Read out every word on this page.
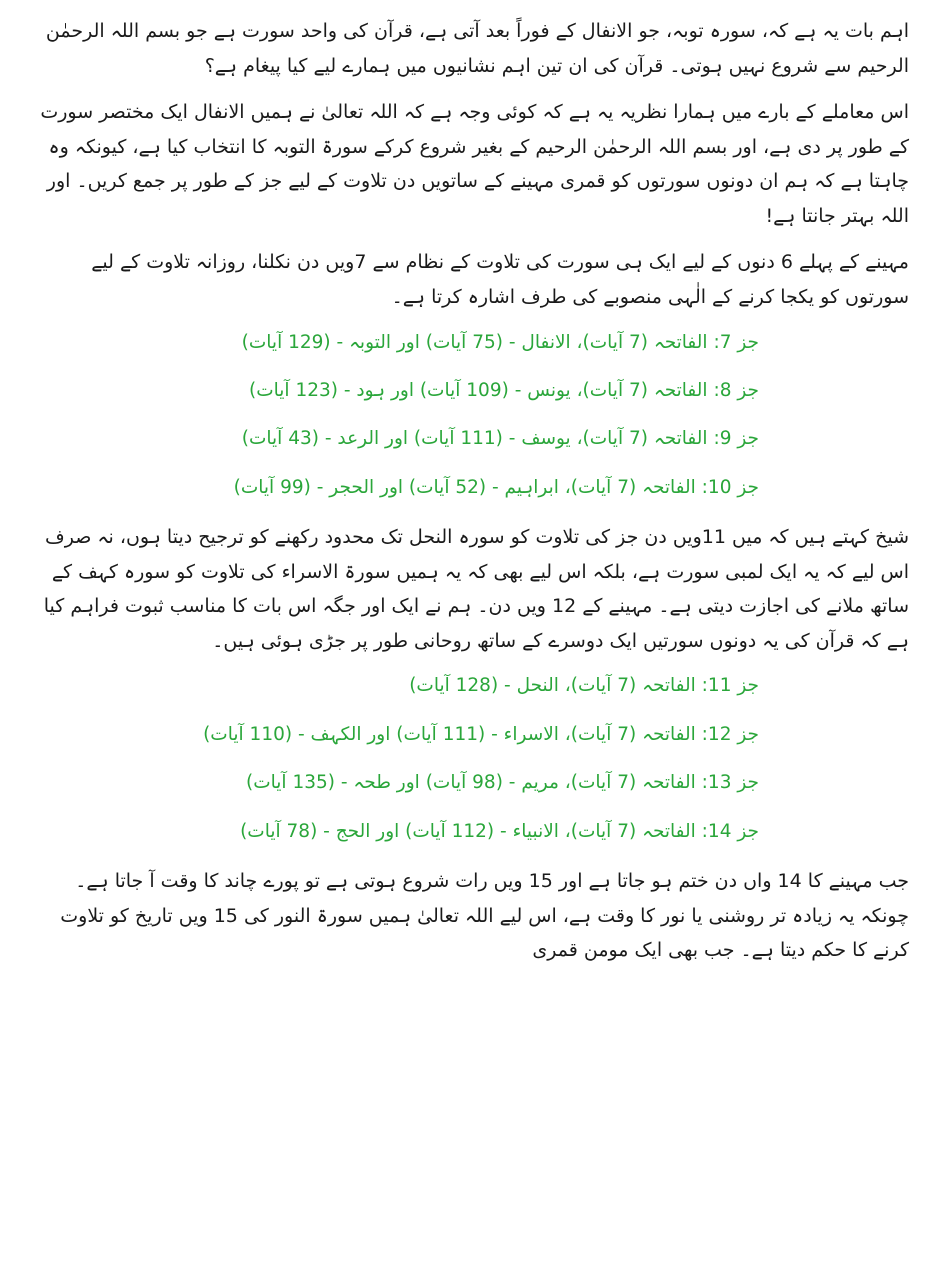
اہم بات یہ ہے کہ، سورہ توبہ، جو الانفال کے فوراً بعد آتی ہے، قرآن کی واحد سورت ہے جو بسم اللہ الرحمٰن الرحیم سے شروع نہیں ہوتی۔ قرآن کی ان تین اہم نشانیوں میں ہمارے لیے کیا پیغام ہے؟

اس معاملے کے بارے میں ہمارا نظریہ یہ ہے کہ کوئی وجہ ہے کہ اللہ تعالیٰ نے ہمیں الانفال ایک مختصر سورت کے طور پر دی ہے، اور بسم اللہ الرحمٰن الرحیم کے بغیر شروع کرکے سورۃ التوبہ کا انتخاب کیا ہے، کیونکہ وہ چاہتا ہے کہ ہم ان دونوں سورتوں کو قمری مہینے کے ساتویں دن تلاوت کے لیے جز کے طور پر جمع کریں۔ اور اللہ بہتر جانتا ہے!

مہینے کے پہلے 6 دنوں کے لیے ایک ہی سورت کی تلاوت کے نظام سے 7ویں دن نکلنا، روزانہ تلاوت کے لیے سورتوں کو یکجا کرنے کے الٰہی منصوبے کی طرف اشارہ کرتا ہے۔

جز 7: الفاتحہ (7 آیات)، الانفال - (75 آیات) اور التوبہ - (129 آیات)
جز 8: الفاتحہ (7 آیات)، یونس - (109 آیات) اور ہود - (123 آیات)
جز 9: الفاتحہ (7 آیات)، یوسف - (111 آیات) اور الرعد - (43 آیات)
جز 10: الفاتحہ (7 آیات)، ابراہیم - (52 آیات) اور الحجر - (99 آیات)

شیخ کہتے ہیں کہ میں 11ویں دن جز کی تلاوت کو سورہ النحل تک محدود رکھنے کو ترجیح دیتا ہوں، نہ صرف اس لیے کہ یہ ایک لمبی سورت ہے، بلکہ اس لیے بھی کہ یہ ہمیں سورۃ الاسراء کی تلاوت کو سورہ کہف کے ساتھ ملانے کی اجازت دیتی ہے۔ مہینے کے 12 ویں دن۔ ہم نے ایک اور جگہ اس بات کا مناسب ثبوت فراہم کیا ہے کہ قرآن کی یہ دونوں سورتیں ایک دوسرے کے ساتھ روحانی طور پر جڑی ہوئی ہیں۔

جز 11: الفاتحہ (7 آیات)، النحل - (128 آیات)
جز 12: الفاتحہ (7 آیات)، الاسراء - (111 آیات) اور الکہف - (110 آیات)
جز 13: الفاتحہ (7 آیات)، مریم - (98 آیات) اور طحہ - (135 آیات)
جز 14: الفاتحہ (7 آیات)، الانبیاء - (112 آیات) اور الحج - (78 آیات)

جب مہینے کا 14 واں دن ختم ہو جاتا ہے اور 15 ویں رات شروع ہوتی ہے تو پورے چاند کا وقت آ جاتا ہے۔ چونکہ یہ زیادہ تر روشنی یا نور کا وقت ہے، اس لیے اللہ تعالیٰ ہمیں سورۃ النور کی 15 ویں تاریخ کو تلاوت کرنے کا حکم دیتا ہے۔ جب بھی ایک مومن قمری
